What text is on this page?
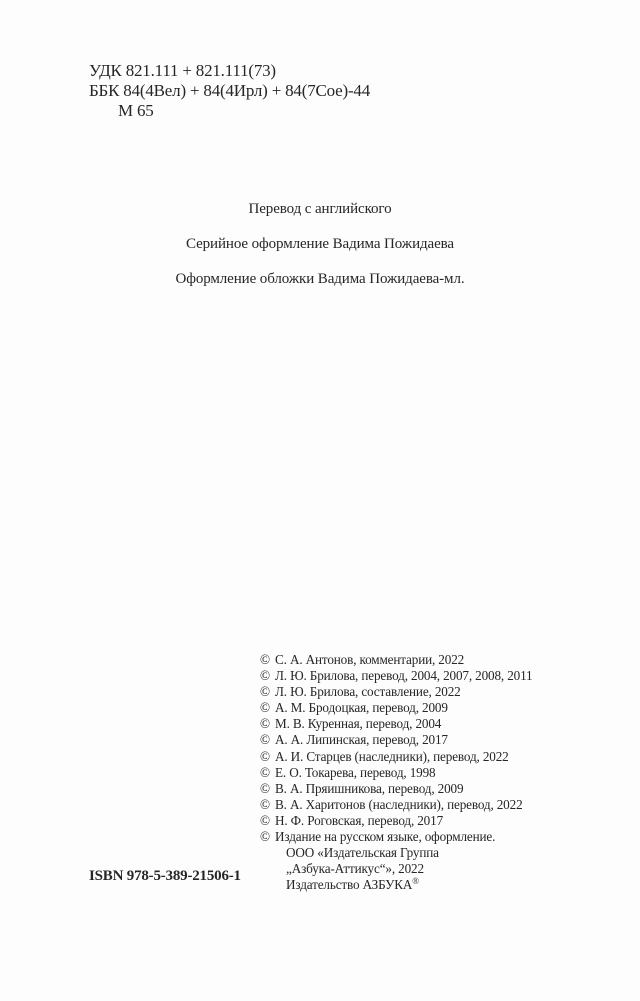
УДК 821.111 + 821.111(73)
ББК 84(4Вел) + 84(4Ирл) + 84(7Сое)-44
М 65
Перевод с английского
Серийное оформление Вадима Пожидаева
Оформление обложки Вадима Пожидаева-мл.
© С. А. Антонов, комментарии, 2022
© Л. Ю. Брилова, перевод, 2004, 2007, 2008, 2011
© Л. Ю. Брилова, составление, 2022
© А. М. Бродоцкая, перевод, 2009
© М. В. Куренная, перевод, 2004
© А. А. Липинская, перевод, 2017
© А. И. Старцев (наследники), перевод, 2022
© Е. О. Токарева, перевод, 1998
© В. А. Пряишникова, перевод, 2009
© В. А. Харитонов (наследники), перевод, 2022
© Н. Ф. Роговская, перевод, 2017
© Издание на русском языке, оформление.
ООО «Издательская Группа
„Азбука-Аттикус“», 2022
Издательство АЗБУКА®
ISBN 978-5-389-21506-1
